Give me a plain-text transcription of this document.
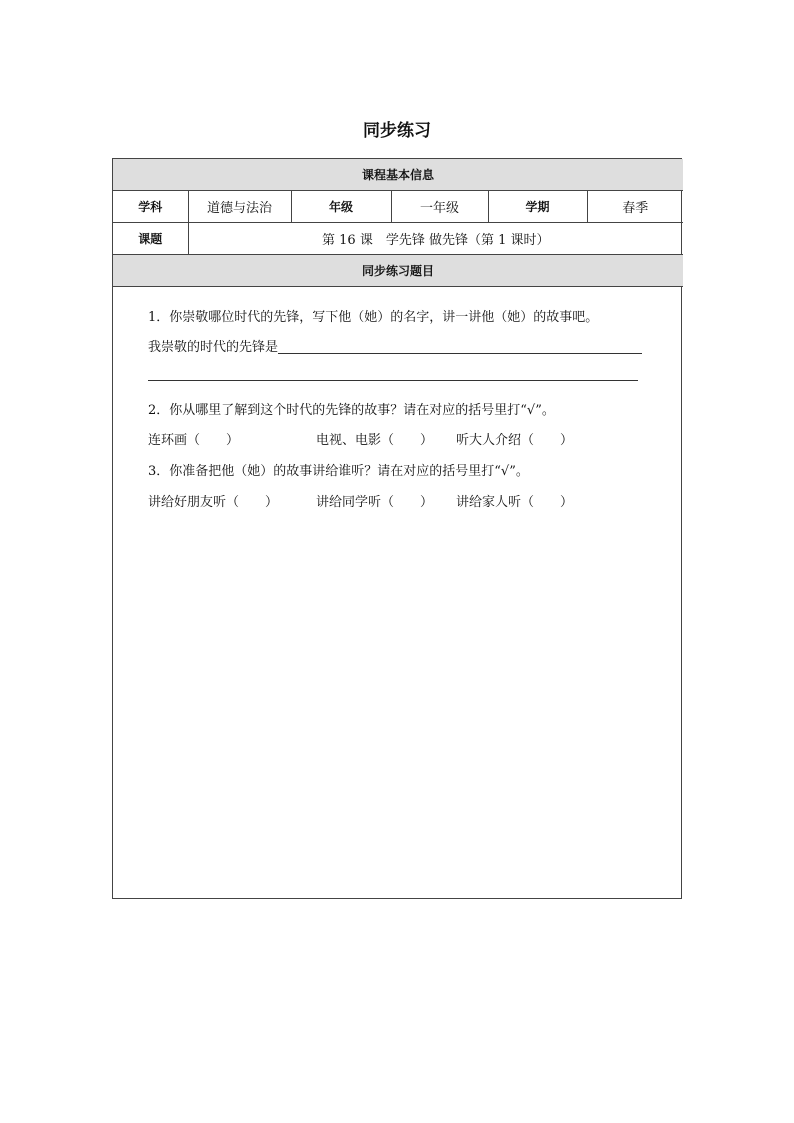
同步练习
课程基本信息					
学科	道德与法治	年级	一年级	学期	春季
课题	第 16 课　学先锋 做先锋（第 1 课时）				
同步练习题目					
1．你崇敬哪位时代的先锋，写下他（她）的名字，讲一讲他（她）的故事吧。
我崇敬的时代的先锋是
2．你从哪里了解到这个时代的先锋的故事？请在对应的括号里打“√”。
连环画（　　）	电视、电影（　　） 听大人介绍（　　）
3．你准备把他（她）的故事讲给谁听？请在对应的括号里打“√”。
讲给好朋友听（　　）	讲给同学听（　　） 讲给家人听（　　）
